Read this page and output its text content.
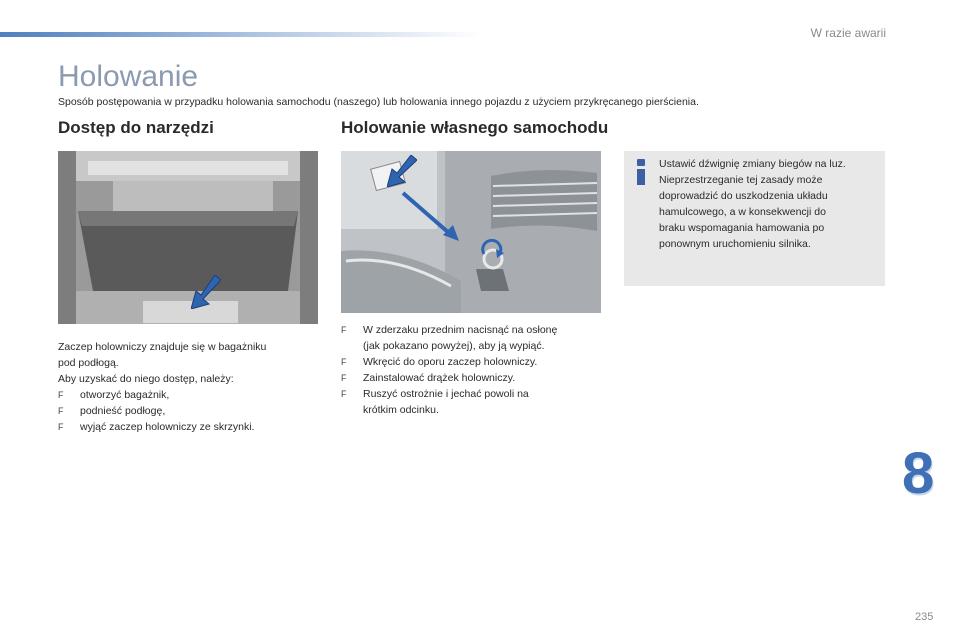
W razie awarii
Holowanie
Sposób postępowania w przypadku holowania samochodu (naszego) lub holowania innego pojazdu z użyciem przykręcanego pierścienia.
Dostęp do narzędzi	Holowanie własnego samochodu
Zaczep holowniczy znajduje się w bagażniku
pod podłogą.
Aby uzyskać do niego dostęp, należy:
F otworzyć bagażnik,
F podnieść podłogę,
F wyjąć zaczep holowniczy ze skrzynki.
F W zderzaku przednim nacisnąć na osłonę
(jak pokazano powyżej), aby ją wypiąć.
F Wkręcić do oporu zaczep holowniczy.
F Zainstalować drążek holowniczy.
F Ruszyć ostrożnie i jechać powoli na
krótkim odcinku.
Ustawić dźwignię zmiany biegów na luz.
Nieprzestrzeganie tej zasady może
doprowadzić do uszkodzenia układu
hamulcowego, a w konsekwencji do
braku wspomagania hamowania po
ponownym uruchomieniu silnika.
8
235
